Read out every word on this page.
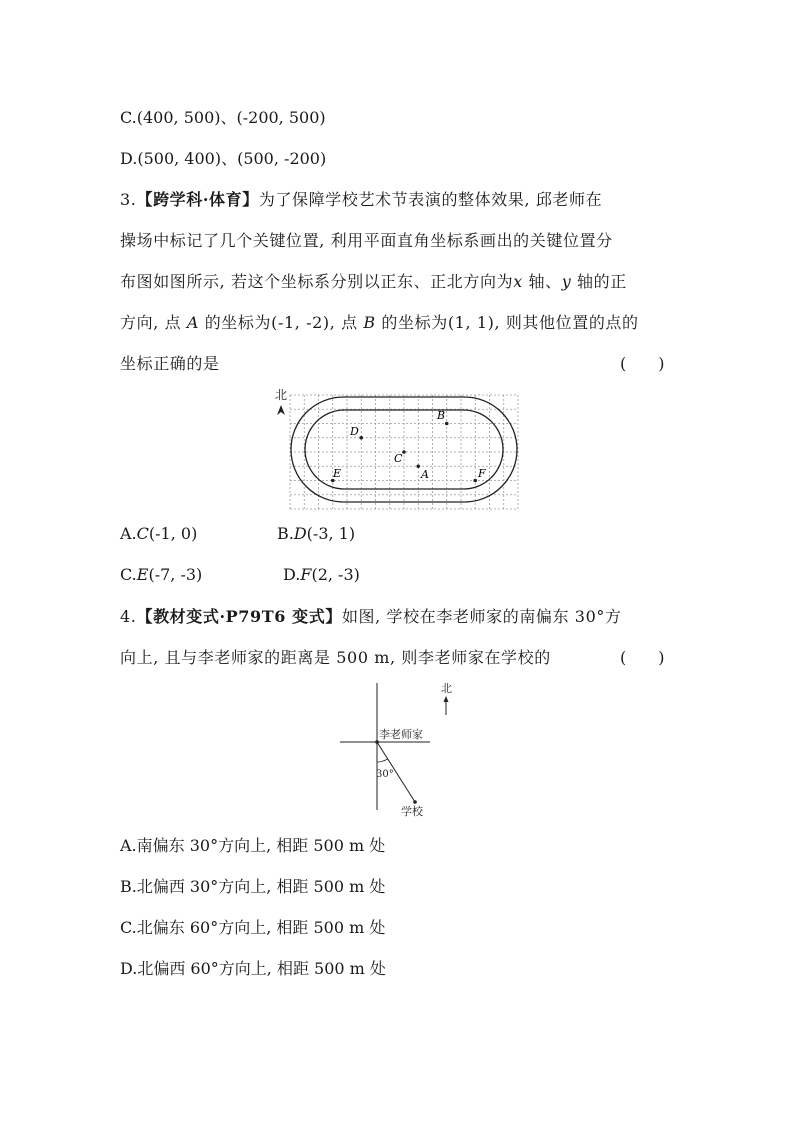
C.(400, 500)、(-200, 500)
D.(500, 400)、(500, -200)
3.【跨学科·体育】为了保障学校艺术节表演的整体效果, 邱老师在
操场中标记了几个关键位置, 利用平面直角坐标系画出的关键位置分
布图如图所示, 若这个坐标系分别以正东、正北方向为x 轴、y 轴的正
方向, 点 A 的坐标为(-1, -2), 点 B 的坐标为(1, 1), 则其他位置的点的
坐标正确的是	(　　)
北
D
B
C
A
E	F
A.C(-1, 0)	B.D(-3, 1)
C.E(-7, -3)	D.F(2, -3)
4.【教材变式·P79T6 变式】如图, 学校在李老师家的南偏东 30°方
向上, 且与李老师家的距离是 500 m, 则李老师家在学校的	(　　)
李老师家
30°
学校
北
A.南偏东 30°方向上, 相距 500 m 处
B.北偏西 30°方向上, 相距 500 m 处
C.北偏东 60°方向上, 相距 500 m 处
D.北偏西 60°方向上, 相距 500 m 处
